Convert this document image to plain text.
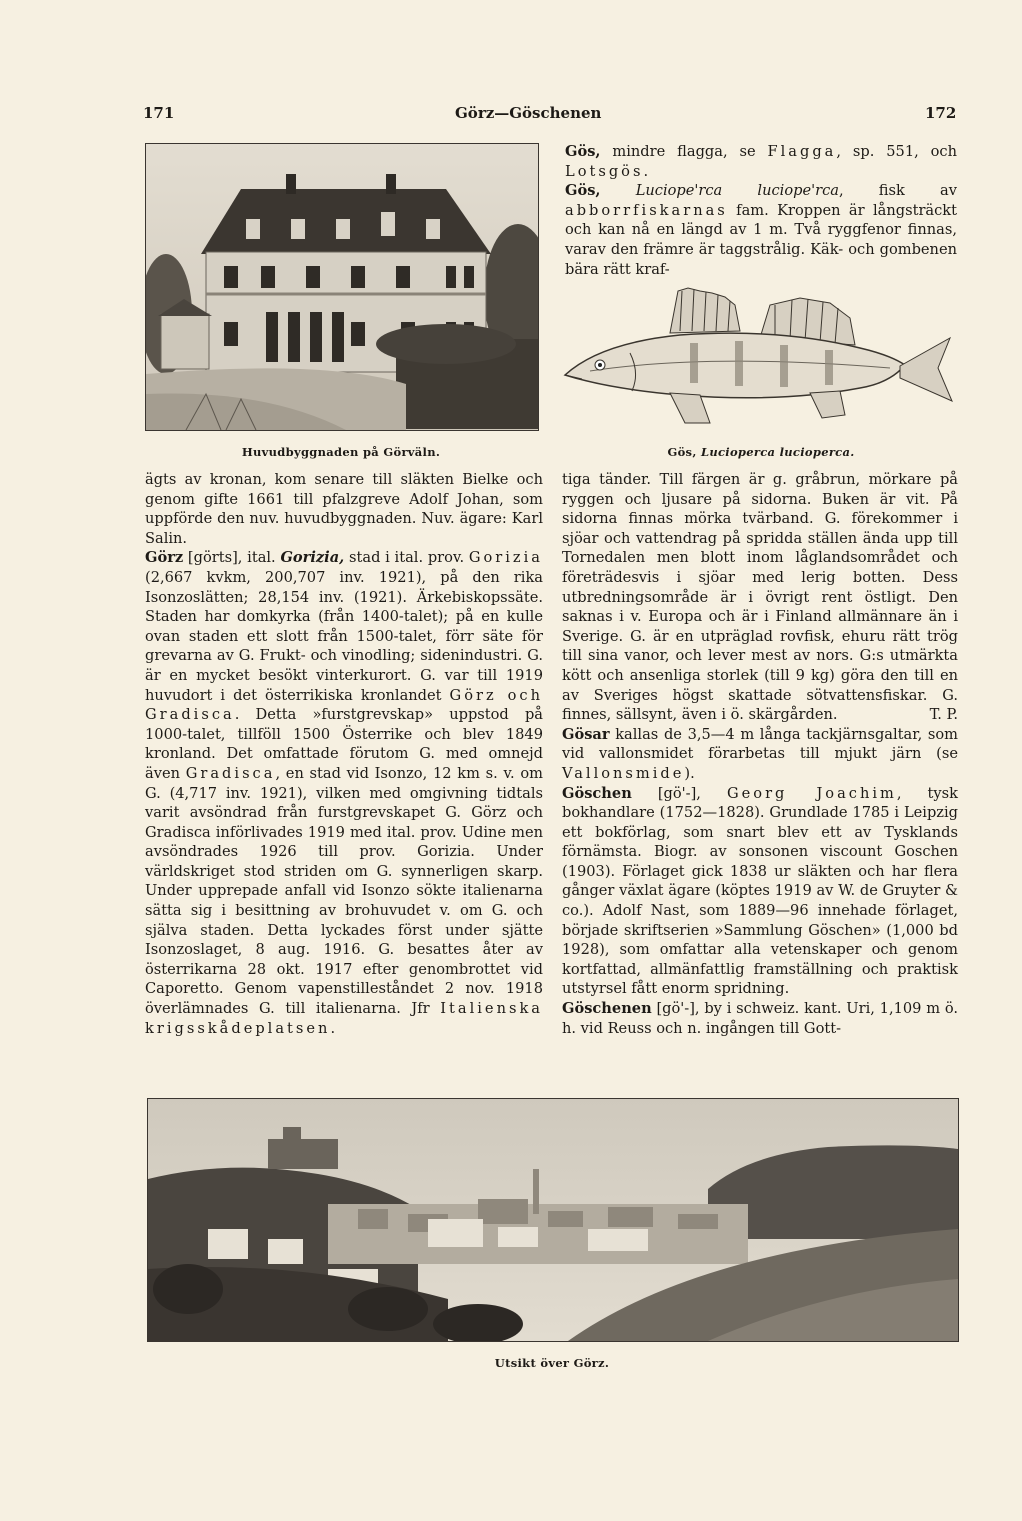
171	Görz—Göschenen	172

Gös, mindre flagga, se Flagga, sp. 551, och Lotsgös.

Gös, Luciope'rca luciope'rca, fisk av abborrfiskarnas fam. Kroppen är långsträckt och kan nå en längd av 1 m. Två ryggfenor finnas, varav den främre är taggstrålig. Käk- och gombenen bära rätt kraf-

Huvudbyggnaden på Görväln.	Gös, Lucioperca lucioperca.

ägts av kronan, kom senare till släkten Bielke och genom gifte 1661 till pfalzgreve Adolf Johan, som uppförde den nuv. huvudbyggnaden. Nuv. ägare: Karl Salin.

Görz [görts], ital. Gorizia, stad i ital. prov. Gorizia (2,667 kvkm, 200,707 inv. 1921), på den rika Isonzoslätten; 28,154 inv. (1921). Ärkebiskopssäte. Staden har domkyrka (från 1400-talet); på en kulle ovan staden ett slott från 1500-talet, förr säte för grevarna av G. Frukt- och vinodling; sidenindustri. G. är en mycket besökt vinterkurort. G. var till 1919 huvudort i det österrikiska kronlandet Görz och Gradisca. Detta »furstgrevskap» uppstod på 1000-talet, tillföll 1500 Österrike och blev 1849 kronland. Det omfattade förutom G. med omnejd även Gradisca, en stad vid Isonzo, 12 km s. v. om G. (4,717 inv. 1921), vilken med omgivning tidtals varit avsöndrad från furstgrevskapet G. Görz och Gradisca införlivades 1919 med ital. prov. Udine men avsöndrades 1926 till prov. Gorizia. Under världskriget stod striden om G. synnerligen skarp. Under upprepade anfall vid Isonzo sökte italienarna sätta sig i besittning av brohuvudet v. om G. och själva staden. Detta lyckades först under sjätte Isonzoslaget, 8 aug. 1916. G. besattes åter av österrikarna 28 okt. 1917 efter genombrottet vid Caporetto. Genom vapenstilleståndet 2 nov. 1918 överlämnades G. till italienarna. Jfr Italienska krigsskådeplatsen.

tiga tänder. Till färgen är g. gråbrun, mörkare på ryggen och ljusare på sidorna. Buken är vit. På sidorna finnas mörka tvärband. G. förekommer i sjöar och vattendrag på spridda ställen ända upp till Tornedalen men blott inom låglandsområdet och företrädesvis i sjöar med lerig botten. Dess utbredningsområde är i övrigt rent östligt. Den saknas i v. Europa och är i Finland allmännare än i Sverige. G. är en utpräglad rovfisk, ehuru rätt trög till sina vanor, och lever mest av nors. G:s utmärkta kött och ansenliga storlek (till 9 kg) göra den till en av Sveriges högst skattade sötvattensfiskar. G. finnes, sällsynt, även i ö. skärgården.	T. P.

Gösar kallas de 3,5—4 m långa tackjärnsgaltar, som vid vallonsmidet förarbetas till mjukt järn (se Vallonsmide).

Göschen [gö'-], Georg Joachim, tysk bokhandlare (1752—1828). Grundlade 1785 i Leipzig ett bokförlag, som snart blev ett av Tysklands förnämsta. Biogr. av sonsonen viscount Goschen (1903). Förlaget gick 1838 ur släkten och har flera gånger växlat ägare (köptes 1919 av W. de Gruyter & co.). Adolf Nast, som 1889—96 innehade förlaget, började skriftserien »Sammlung Göschen» (1,000 bd 1928), som omfattar alla vetenskaper och genom kortfattad, allmänfattlig framställning och praktisk utstyrsel fått enorm spridning.

Göschenen [gö'-], by i schweiz. kant. Uri, 1,109 m ö. h. vid Reuss och n. ingången till Gott-

Utsikt över Görz.
